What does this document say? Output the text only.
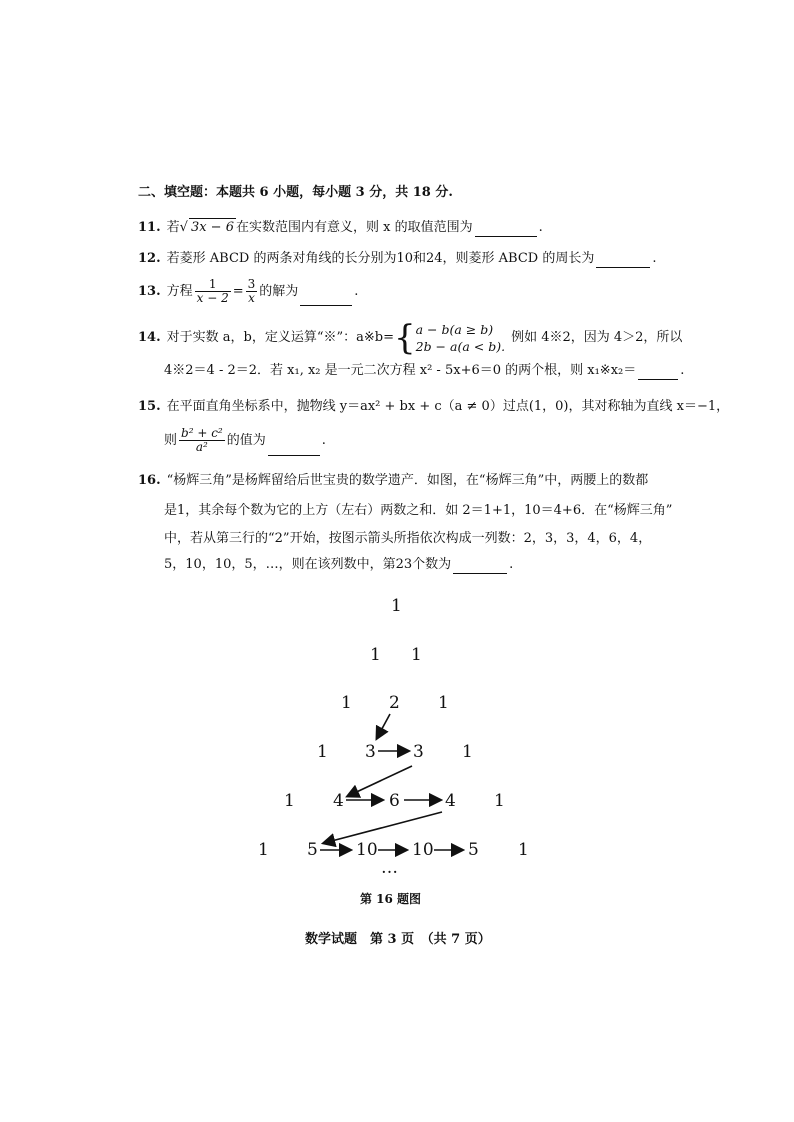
二、填空题：本题共 6 小题，每小题 3 分，共 18 分.
11. 若√ 3x − 6 在实数范围内有意义，则 x 的取值范围为	.
12. 若菱形 ABCD 的两条对角线的长分别为10和24，则菱形 ABCD 的周长为	.
13. 方程 $\frac{1}{x - 2} = \frac{3}{x}$ 的解为	.
14. 对于实数 a，b，定义运算“※”：a※b={ a − b(a ≥ b)
2b − a(a < b).
例如 4※2，因为 4＞2，所以
4※2＝4 - 2＝2．若 x₁, x₂ 是一元二次方程 x² - 5x+6＝0 的两个根，则 x₁※x₂＝	.
15. 在平面直角坐标系中，抛物线 y＝ax² + bx + c（a ≠ 0）过点(1，0)，其对称轴为直线 x＝−1，
则 $\frac{\text{b² + c²}}{\text{a²}}$ 的值为	.
16. “杨辉三角”是杨辉留给后世宝贵的数学遗产．如图，在“杨辉三角”中，两腰上的数都
是1，其余每个数为它的上方（左右）两数之和．如 2＝1+1，10＝4+6．在“杨辉三角”
中，若从第三行的“2”开始，按图示箭头所指依次构成一列数：2，3，3，4，6，4，
5，10，10，5，…，则在该列数中，第23个数为	.
1
1 1
1 2 1
1 3 3 1
1 4	6	4 1
1 5 10 10 5 1
…
第 16 题图
数学试题　第 3 页　（共 7 页）
